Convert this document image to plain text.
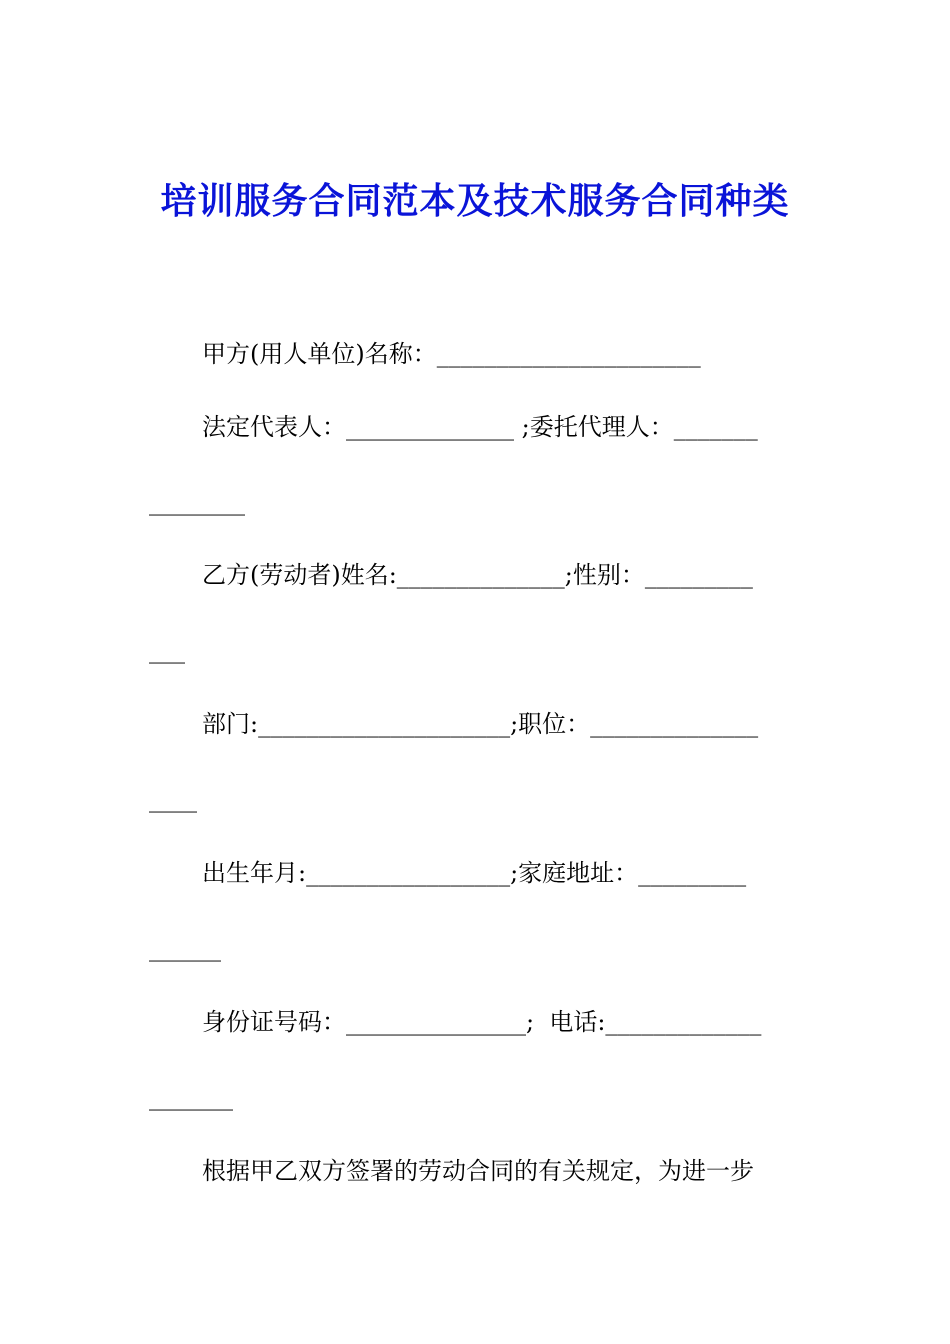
培训服务合同范本及技术服务合同种类
甲方(用人单位)名称：______________________
法定代表人：______________ ;委托代理人：_______
________
乙方(劳动者)姓名:______________;性别：_________
___
部门:_____________________;职位：______________
____
出生年月:_________________;家庭地址：_________
______
身份证号码：_______________;  电话:_____________
_______
根据甲乙双方签署的劳动合同的有关规定，为进一步
